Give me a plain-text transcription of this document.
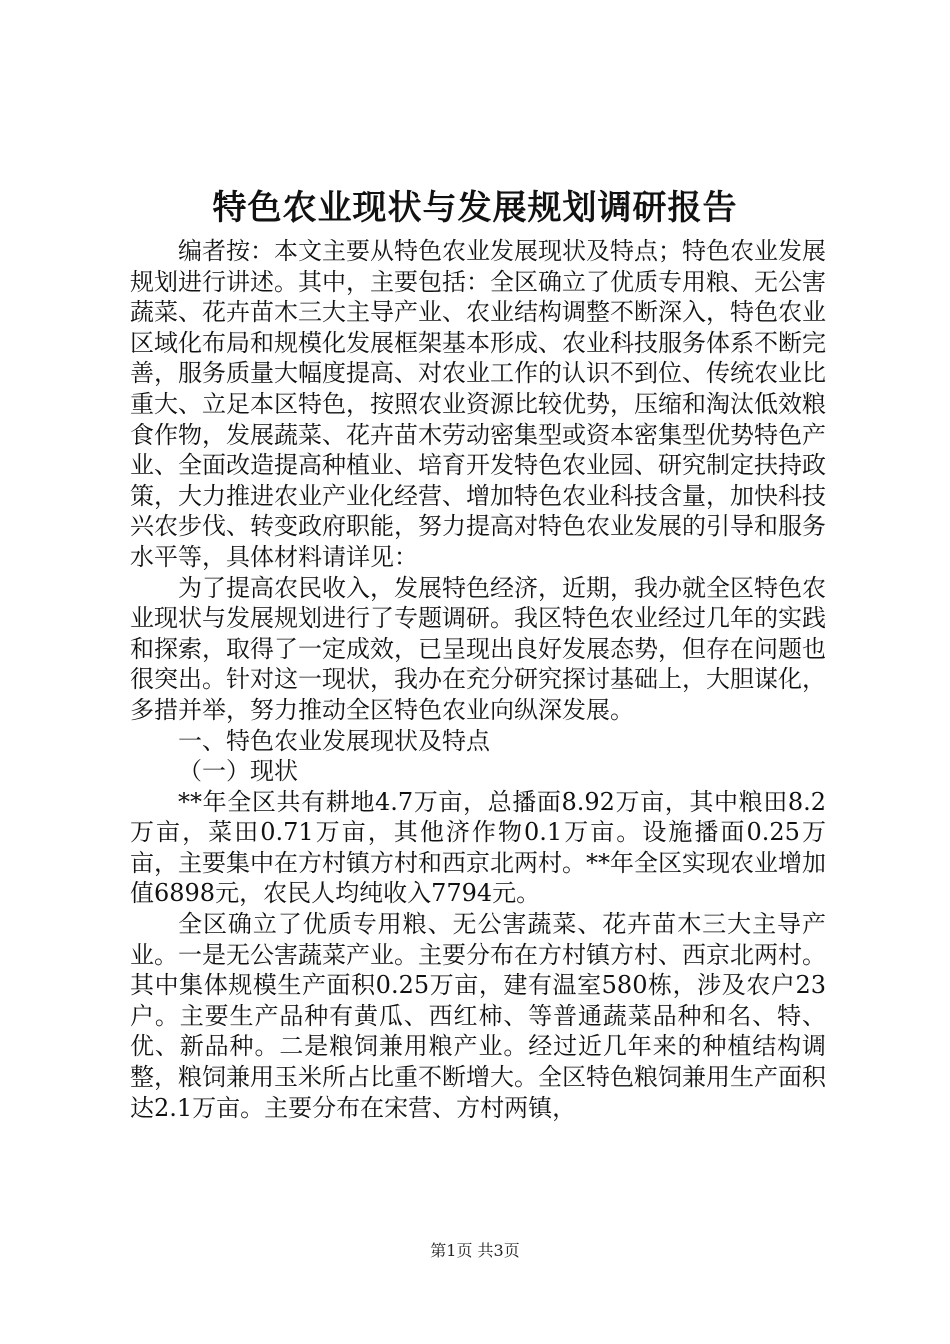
特色农业现状与发展规划调研报告

编者按：本文主要从特色农业发展现状及特点；特色农业发展规划进行讲述。其中，主要包括：全区确立了优质专用粮、无公害蔬菜、花卉苗木三大主导产业、农业结构调整不断深入，特色农业区域化布局和规模化发展框架基本形成、农业科技服务体系不断完善，服务质量大幅度提高、对农业工作的认识不到位、传统农业比重大、立足本区特色，按照农业资源比较优势，压缩和淘汰低效粮食作物，发展蔬菜、花卉苗木劳动密集型或资本密集型优势特色产业、全面改造提高种植业、培育开发特色农业园、研究制定扶持政策，大力推进农业产业化经营、增加特色农业科技含量，加快科技兴农步伐、转变政府职能，努力提高对特色农业发展的引导和服务水平等，具体材料请详见：

为了提高农民收入，发展特色经济，近期，我办就全区特色农业现状与发展规划进行了专题调研。我区特色农业经过几年的实践和探索，取得了一定成效，已呈现出良好发展态势，但存在问题也很突出。针对这一现状，我办在充分研究探讨基础上，大胆谋化，多措并举，努力推动全区特色农业向纵深发展。

一、特色农业发展现状及特点

（一）现状

**年全区共有耕地4.7万亩，总播面8.92万亩，其中粮田8.2万亩，菜田0.71万亩，其他济作物0.1万亩。设施播面0.25万亩，主要集中在方村镇方村和西京北两村。**年全区实现农业增加值6898元，农民人均纯收入7794元。

全区确立了优质专用粮、无公害蔬菜、花卉苗木三大主导产业。一是无公害蔬菜产业。主要分布在方村镇方村、西京北两村。其中集体规模生产面积0.25万亩，建有温室580栋，涉及农户23户。主要生产品种有黄瓜、西红柿、等普通蔬菜品种和名、特、优、新品种。二是粮饲兼用粮产业。经过近几年来的种植结构调整，粮饲兼用玉米所占比重不断增大。全区特色粮饲兼用生产面积达2.1万亩。主要分布在宋营、方村两镇，

第1页 共3页
